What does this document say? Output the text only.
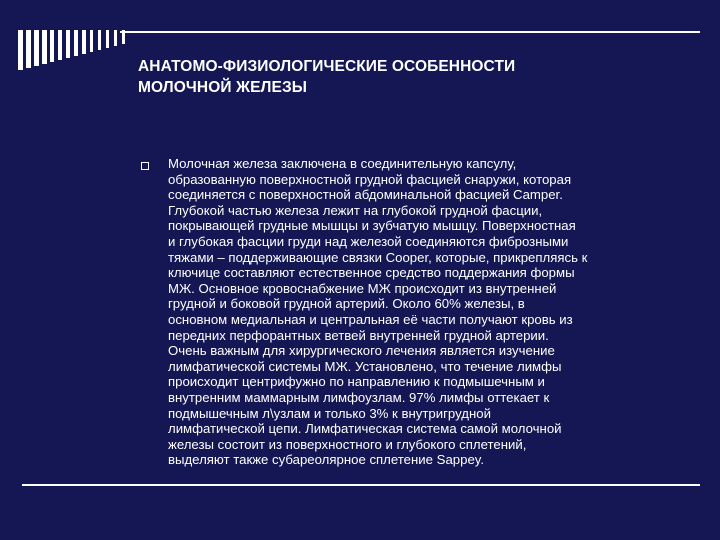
АНАТОМО-ФИЗИОЛОГИЧЕСКИЕ ОСОБЕННОСТИ
МОЛОЧНОЙ ЖЕЛЕЗЫ
Молочная железа заключена в соединительную капсулу,
образованную поверхностной грудной фасцией снаружи, которая
соединяется с поверхностной абдоминальной фасцией Camper.
Глубокой частью железа лежит на глубокой грудной фасции,
покрывающей грудные мышцы и зубчатую мышцу. Поверхностная
и глубокая фасции груди над железой соединяются фиброзными
тяжами – поддерживающие связки Cooper, которые, прикрепляясь к
ключице составляют естественное средство поддержания формы
МЖ. Основное кровоснабжение МЖ происходит из внутренней
грудной и боковой грудной артерий. Около 60% железы, в
основном медиальная и центральная её части получают кровь из
передних перфорантных ветвей внутренней грудной артерии.
Очень важным для хирургического лечения является изучение
лимфатической системы МЖ. Установлено, что течение лимфы
происходит центрифужно по направлению к подмышечным и
внутренним маммарным лимфоузлам. 97% лимфы оттекает к
подмышечным л\узлам и только 3% к внутригрудной
лимфатической цепи. Лимфатическая система самой молочной
железы состоит из поверхностного и глубокого сплетений,
выделяют также субареолярное сплетение Sappey.
